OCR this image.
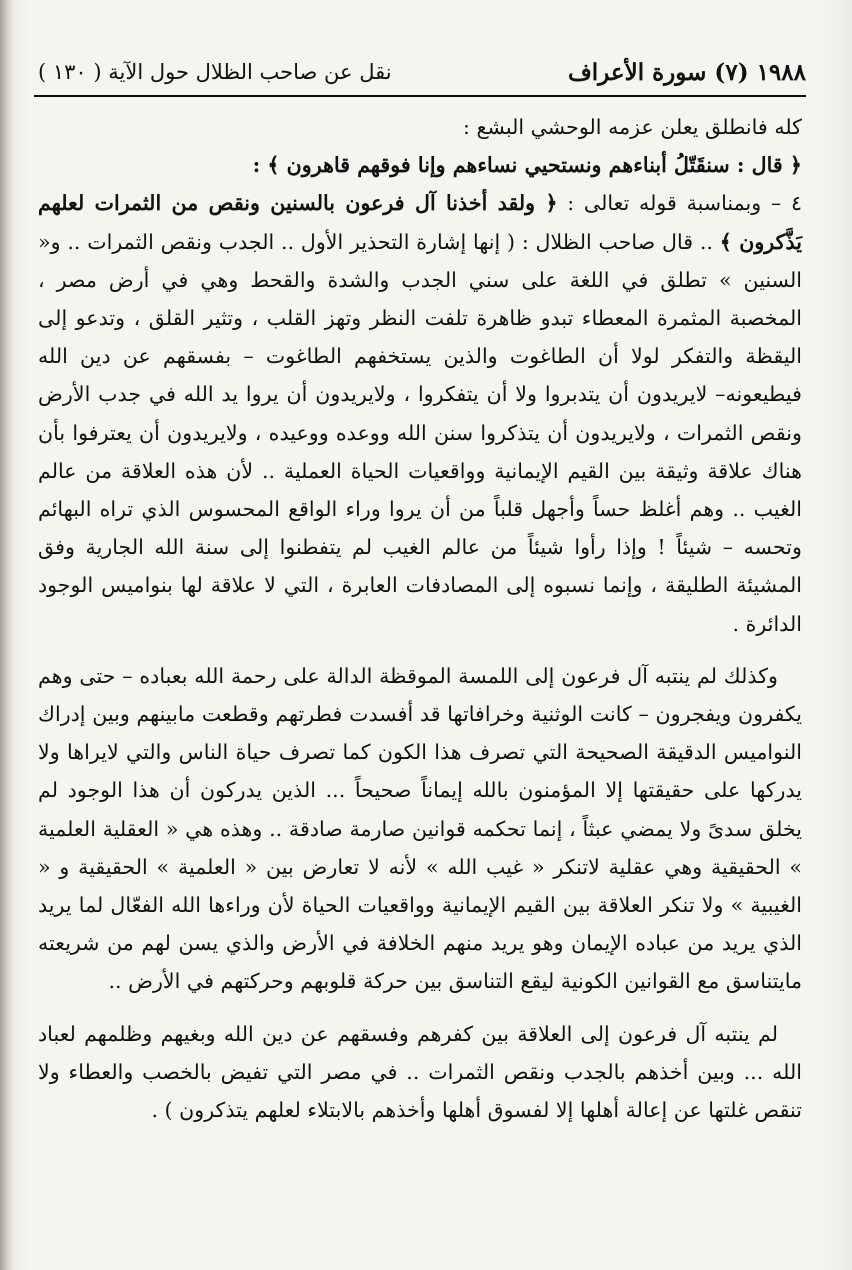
١٩٨٨ (٧) سورة الأعراف
نقل عن صاحب الظلال حول الآية ( ١٣٠ )

كله فانطلق يعلن عزمه الوحشي البشع :

﴿ قال : سنقَتّلُ أبناءهم ونستحيي نساءهم وإنا فوقهم قاهرون ﴾ :

٤ – وبمناسبة قوله تعالى : ﴿ ولقد أخذنا آل فرعون بالسنين ونقص من الثمرات لعلهم يَذَّكرون ﴾ .. قال صاحب الظلال : ( إنها إشارة التحذير الأول .. الجدب ونقص الثمرات .. و« السنين » تطلق في اللغة على سني الجدب والشدة والقحط وهي في أرض مصر ، المخصبة المثمرة المعطاء تبدو ظاهرة تلفت النظر وتهز القلب ، وتثير القلق ، وتدعو إلى اليقظة والتفكر لولا أن الطاغوت والذين يستخفهم الطاغوت – بفسقهم عن دين الله فيطيعونه– لايريدون أن يتدبروا ولا أن يتفكروا ، ولايريدون أن يروا يد الله في جدب الأرض ونقص الثمرات ، ولايريدون أن يتذكروا سنن الله ووعده ووعيده ، ولايريدون أن يعترفوا بأن هناك علاقة وثيقة بين القيم الإيمانية وواقعيات الحياة العملية .. لأن هذه العلاقة من عالم الغيب .. وهم أغلظ حساً وأجهل قلباً من أن يروا وراء الواقع المحسوس الذي تراه البهائم وتحسه – شيئاً ! وإذا رأوا شيئاً من عالم الغيب لم يتفطنوا إلى سنة الله الجارية وفق المشيئة الطليقة ، وإنما نسبوه إلى المصادفات العابرة ، التي لا علاقة لها بنواميس الوجود الدائرة .

وكذلك لم ينتبه آل فرعون إلى اللمسة الموقظة الدالة على رحمة الله بعباده – حتى وهم يكفرون ويفجرون – كانت الوثنية وخرافاتها قد أفسدت فطرتهم وقطعت مابينهم وبين إدراك النواميس الدقيقة الصحيحة التي تصرف هذا الكون كما تصرف حياة الناس والتي لايراها ولا يدركها على حقيقتها إلا المؤمنون بالله إيماناً صحيحاً ... الذين يدركون أن هذا الوجود لم يخلق سدىً ولا يمضي عبثاً ، إنما تحكمه قوانين صارمة صادقة .. وهذه هي « العقلية العلمية » الحقيقية وهي عقلية لاتنكر « غيب الله » لأنه لا تعارض بين « العلمية » الحقيقية و « الغيبية » ولا تنكر العلاقة بين القيم الإيمانية وواقعيات الحياة لأن وراءها الله الفعّال لما يريد الذي يريد من عباده الإيمان وهو يريد منهم الخلافة في الأرض والذي يسن لهم من شريعته مايتناسق مع القوانين الكونية ليقع التناسق بين حركة قلوبهم وحركتهم في الأرض ..

لم ينتبه آل فرعون إلى العلاقة بين كفرهم وفسقهم عن دين الله وبغيهم وظلمهم لعباد الله ... وبين أخذهم بالجدب ونقص الثمرات .. في مصر التي تفيض بالخصب والعطاء ولا تنقص غلتها عن إعالة أهلها إلا لفسوق أهلها وأخذهم بالابتلاء لعلهم يتذكرون ) .
